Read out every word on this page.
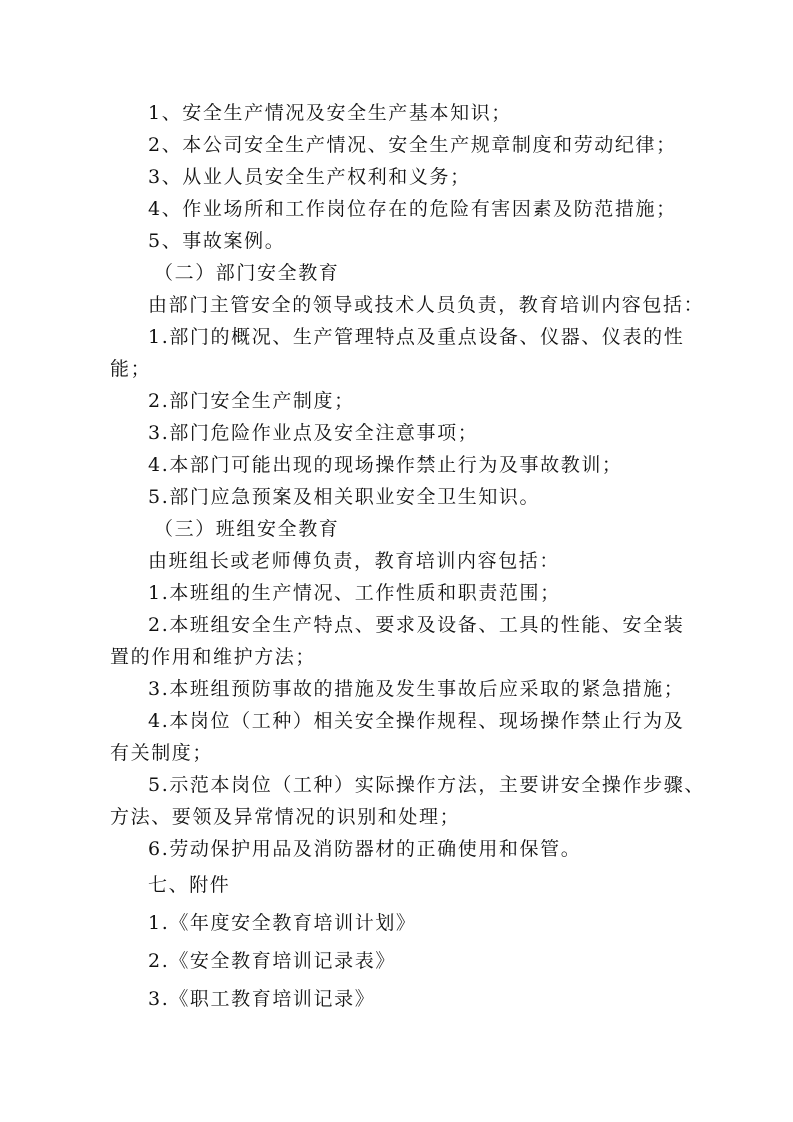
1、安全生产情况及安全生产基本知识；

2、本公司安全生产情况、安全生产规章制度和劳动纪律；

3、从业人员安全生产权利和义务；

4、作业场所和工作岗位存在的危险有害因素及防范措施；

5、事故案例。

（二）部门安全教育

由部门主管安全的领导或技术人员负责，教育培训内容包括：

1.部门的概况、生产管理特点及重点设备、仪器、仪表的性

能；

2.部门安全生产制度；

3.部门危险作业点及安全注意事项；

4.本部门可能出现的现场操作禁止行为及事故教训；

5.部门应急预案及相关职业安全卫生知识。

（三）班组安全教育

由班组长或老师傅负责，教育培训内容包括：

1.本班组的生产情况、工作性质和职责范围；

2.本班组安全生产特点、要求及设备、工具的性能、安全装

置的作用和维护方法；

3.本班组预防事故的措施及发生事故后应采取的紧急措施；

4.本岗位（工种）相关安全操作规程、现场操作禁止行为及

有关制度；

5.示范本岗位（工种）实际操作方法，主要讲安全操作步骤、

方法、要领及异常情况的识别和处理；

6.劳动保护用品及消防器材的正确使用和保管。

七、附件

1.《年度安全教育培训计划》

2.《安全教育培训记录表》

3.《职工教育培训记录》
